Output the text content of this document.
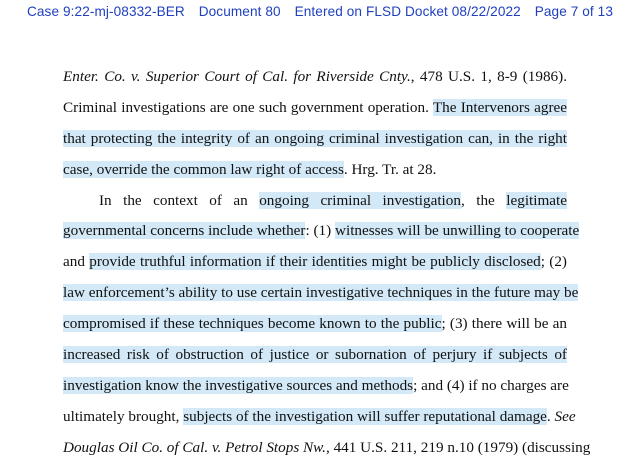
Case 9:22-mj-08332-BER Document 80 Entered on FLSD Docket 08/22/2022 Page 7 of 13
Enter. Co. v. Superior Court of Cal. for Riverside Cnty., 478 U.S. 1, 8-9 (1986).
Criminal investigations are one such government operation. The Intervenors agree
that protecting the integrity of an ongoing criminal investigation can, in the right
case, override the common law right of access. Hrg. Tr. at 28.
In the context of an ongoing criminal investigation, the legitimate
governmental concerns include whether: (1) witnesses will be unwilling to cooperate
and provide truthful information if their identities might be publicly disclosed; (2)
law enforcement’s ability to use certain investigative techniques in the future may be
compromised if these techniques become known to the public; (3) there will be an
increased risk of obstruction of justice or subornation of perjury if subjects of
investigation know the investigative sources and methods; and (4) if no charges are
ultimately brought, subjects of the investigation will suffer reputational damage. See
Douglas Oil Co. of Cal. v. Petrol Stops Nw., 441 U.S. 211, 219 n.10 (1979) (discussing
